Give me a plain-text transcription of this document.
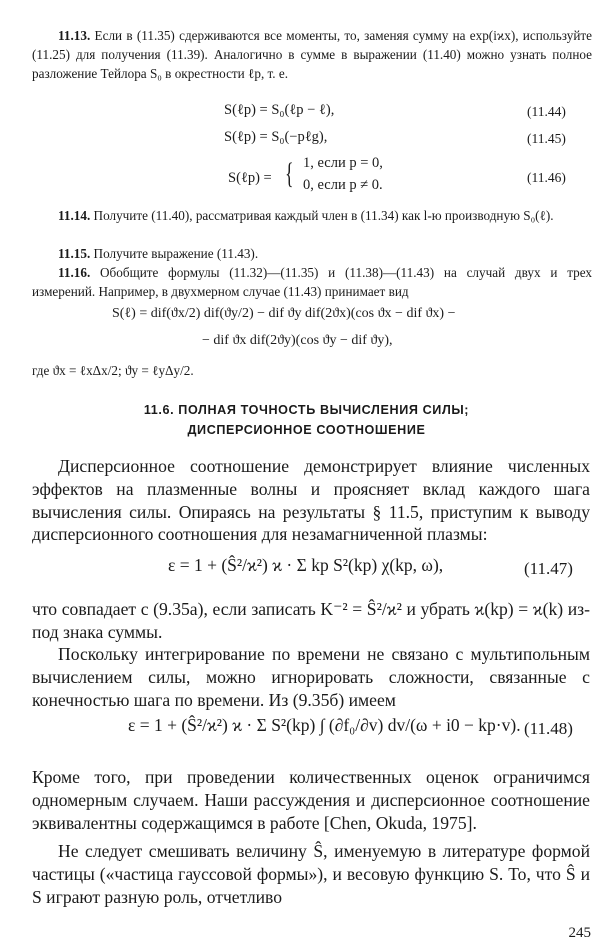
11.13. Если в (11.35) сдерживаются все моменты, то, заменяя сумму на exp(iϰx), используйте (11.25) для получения (11.39). Аналогично в сумме в выражении (11.40) можно узнать полное разложение Тейлора S₀ в окрестности ℓp, т. е.
S(ℓp) = S₀(ℓp − ℓ),	(11.44)
S(ℓp) = S₀(−pℓg),	(11.45)
S(ℓp) = { 1, если p = 0,
0, если p ≠ 0.	(11.46)
11.14. Получите (11.40), рассматривая каждый член в (11.34) как l-ю производную S₀(ℓ).
11.15. Получите выражение (11.43).
11.16. Обобщите формулы (11.32)—(11.35) и (11.38)—(11.43) на случай двух и трех измерений. Например, в двухмерном случае (11.43) принимает вид
S(ℓ) = dif(ϑx/2) dif(ϑy/2) − dif ϑy dif(2ϑx)(cos ϑx − dif ϑx) −
− dif ϑx dif(2ϑy)(cos ϑy − dif ϑy),
где ϑx = ℓxΔx/2; ϑy = ℓyΔy/2.
11.6. ПОЛНАЯ ТОЧНОСТЬ ВЫЧИСЛЕНИЯ СИЛЫ;
ДИСПЕРСИОННОЕ СООТНОШЕНИЕ
Дисперсионное соотношение демонстрирует влияние численных эффектов на плазменные волны и проясняет вклад каждого шага вычисления силы. Опираясь на результаты § 11.5, приступим к выводу дисперсионного соотношения для незамагниченной плазмы:
ε = 1 + (Ŝ²/ϰ²) ϰ · Σ kp S²(kp) χ(kp, ω),	(11.47)
что совпадает с (9.35а), если записать K⁻² = Ŝ²/ϰ² и убрать ϰ(kp) = ϰ(k) из-под знака суммы.
Поскольку интегрирование по времени не связано с мультипольным вычислением силы, можно игнорировать сложности, связанные с конечностью шага по времени. Из (9.35б) имеем
ε = 1 + (Ŝ²/ϰ²) ϰ · Σ S²(kp) ∫ (∂f₀/∂v) dv/(ω + i0 − kp·v). (11.48)
Кроме того, при проведении количественных оценок ограничимся одномерным случаем. Наши рассуждения и дисперсионное соотношение эквивалентны содержащимся в работе [Chen, Okuda, 1975].
Не следует смешивать величину Ŝ, именуемую в литературе формой частицы («частица гауссовой формы»), и весовую функцию S. То, что Ŝ и S играют разную роль, отчетливо
245
